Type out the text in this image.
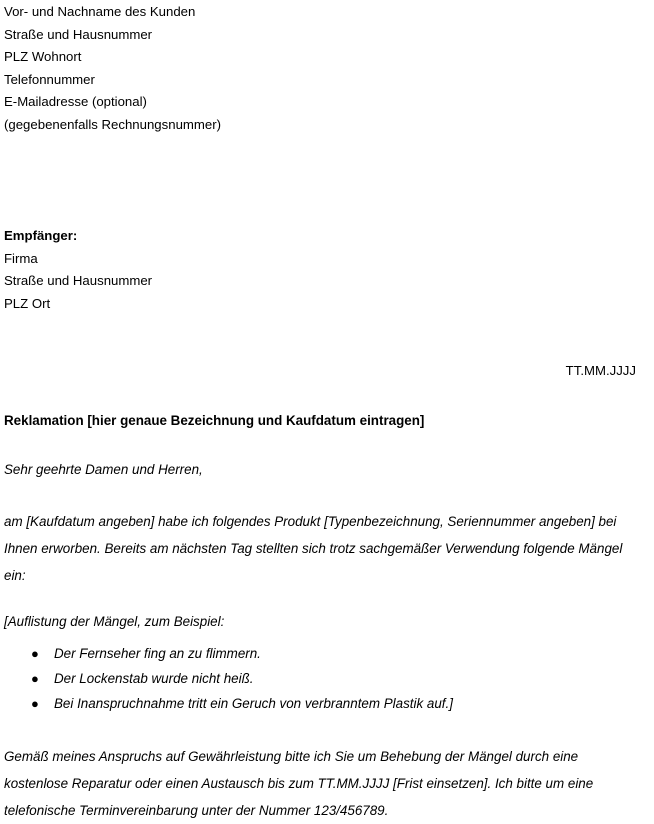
Vor- und Nachname des Kunden
Straße und Hausnummer
PLZ Wohnort
Telefonnummer
E-Mailadresse (optional)
(gegebenenfalls Rechnungsnummer)
Empfänger:
Firma
Straße und Hausnummer
PLZ Ort
TT.MM.JJJJ
Reklamation [hier genaue Bezeichnung und Kaufdatum eintragen]
Sehr geehrte Damen und Herren,

am [Kaufdatum angeben] habe ich folgendes Produkt [Typenbezeichnung, Seriennummer angeben] bei Ihnen erworben. Bereits am nächsten Tag stellten sich trotz sachgemäßer Verwendung folgende Mängel ein:

[Auflistung der Mängel, zum Beispiel:
● Der Fernseher fing an zu flimmern.
● Der Lockenstab wurde nicht heiß.
● Bei Inanspruchnahme tritt ein Geruch von verbranntem Plastik auf.]

Gemäß meines Anspruchs auf Gewährleistung bitte ich Sie um Behebung der Mängel durch eine kostenlose Reparatur oder einen Austausch bis zum TT.MM.JJJJ [Frist einsetzen]. Ich bitte um eine telefonische Terminvereinbarung unter der Nummer 123/456789.
